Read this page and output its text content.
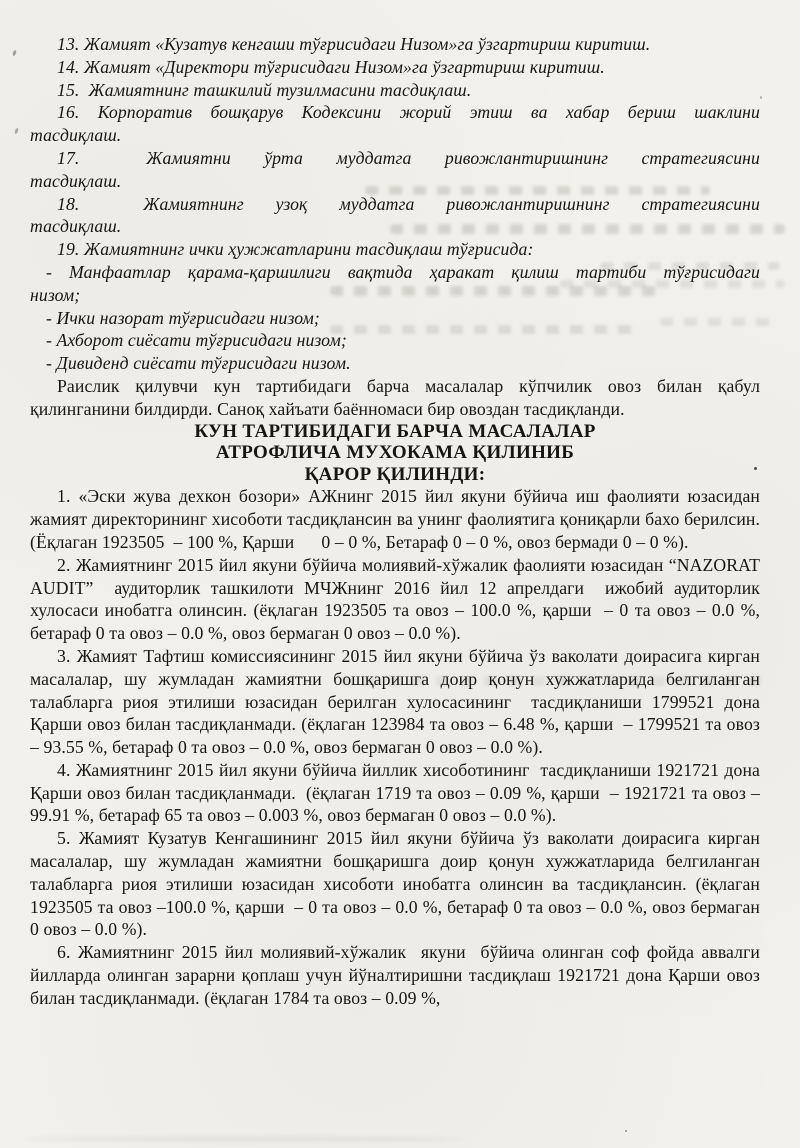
13. Жамият «Кузатув кенгаши тўғрисидаги Низом»га ўзгартириш киритиш.

14. Жамият «Директори тўғрисидаги Низом»га ўзгартириш киритиш.

15.  Жамиятнинг ташкилий тузилмасини тасдиқлаш.

16. Корпоратив бошқарув Кодексини жорий этиш ва хабар бериш шаклини тасдиқлаш.

17.  Жамиятни ўрта муддатга ривожлантиришнинг стратегиясини тасдиқлаш.

18.  Жамиятнинг узоқ муддатга ривожлантиришнинг стратегиясини тасдиқлаш.

19. Жамиятнинг ички ҳужжатларини тасдиқлаш тўғрисида:

- Манфаатлар қарама-қаршилиги вақтида ҳаракат қилиш тартиби тўғрисидаги низом;

- Ички назорат тўғрисидаги низом;

- Ахборот сиёсати тўғрисидаги низом;

- Дивиденд сиёсати тўғрисидаги низом.

Раислик қилувчи кун тартибидаги барча масалалар кўпчилик овоз билан қабул қилинганини билдирди. Саноқ хайъати баённомаси бир овоздан тасдиқланди.

КУН ТАРТИБИДАГИ БАРЧА МАСАЛАЛАР

АТРОФЛИЧА МУХОКАМА ҚИЛИНИБ

ҚАРОР ҚИЛИНДИ:

1. «Эски жува дехкон бозори» АЖнинг 2015 йил якуни бўйича иш фаолияти юзасидан жамият директорининг хисоботи тасдиқлансин ва унинг фаолиятига қониқарли бахо берилсин. (Ёқлаган 1923505  – 100 %, Қарши      0 – 0 %, Бетараф 0 – 0 %, овоз бермади 0 – 0 %).

2. Жамиятнинг 2015 йил якуни бўйича молиявий-хўжалик фаолияти юзасидан “NAZORAT AUDIT”  аудиторлик ташкилоти МЧЖнинг 2016 йил 12 апрелдаги  ижобий аудиторлик хулосаси инобатга олинсин. (ёқлаган 1923505 та овоз – 100.0 %, қарши  – 0 та овоз – 0.0 %, бетараф 0 та овоз – 0.0 %, овоз бермаган 0 овоз – 0.0 %).

3. Жамият Тафтиш комиссиясининг 2015 йил якуни бўйича ўз ваколати доирасига кирган масалалар, шу жумладан жамиятни бошқаришга доир қонун хужжатларида белгиланган талабларга риоя этилиши юзасидан берилган хулосасининг  тасдиқланиши 1799521 дона Қарши овоз билан тасдиқланмади. (ёқлаган 123984 та овоз – 6.48 %, қарши  – 1799521 та овоз – 93.55 %, бетараф 0 та овоз – 0.0 %, овоз бермаган 0 овоз – 0.0 %).

4. Жамиятнинг 2015 йил якуни бўйича йиллик хисоботининг  тасдиқланиши 1921721 дона Қарши овоз билан тасдиқланмади.  (ёқлаган 1719 та овоз – 0.09 %, қарши  – 1921721 та овоз – 99.91 %, бетараф 65 та овоз – 0.003 %, овоз бермаган 0 овоз – 0.0 %).

5. Жамият Кузатув Кенгашининг 2015 йил якуни бўйича ўз ваколати доирасига кирган масалалар, шу жумладан жамиятни бошқаришга доир қонун хужжатларида белгиланган талабларга риоя этилиши юзасидан хисоботи инобатга олинсин ва тасдиқлансин. (ёқлаган 1923505 та овоз –100.0 %, қарши  – 0 та овоз – 0.0 %, бетараф 0 та овоз – 0.0 %, овоз бермаган 0 овоз – 0.0 %).

6. Жамиятнинг 2015 йил молиявий-хўжалик  якуни  бўйича олинган соф фойда аввалги йилларда олинган зарарни қоплаш учун йўналтиришни тасдиқлаш 1921721 дона Қарши овоз билан тасдиқланмади. (ёқлаган 1784 та овоз – 0.09 %,
